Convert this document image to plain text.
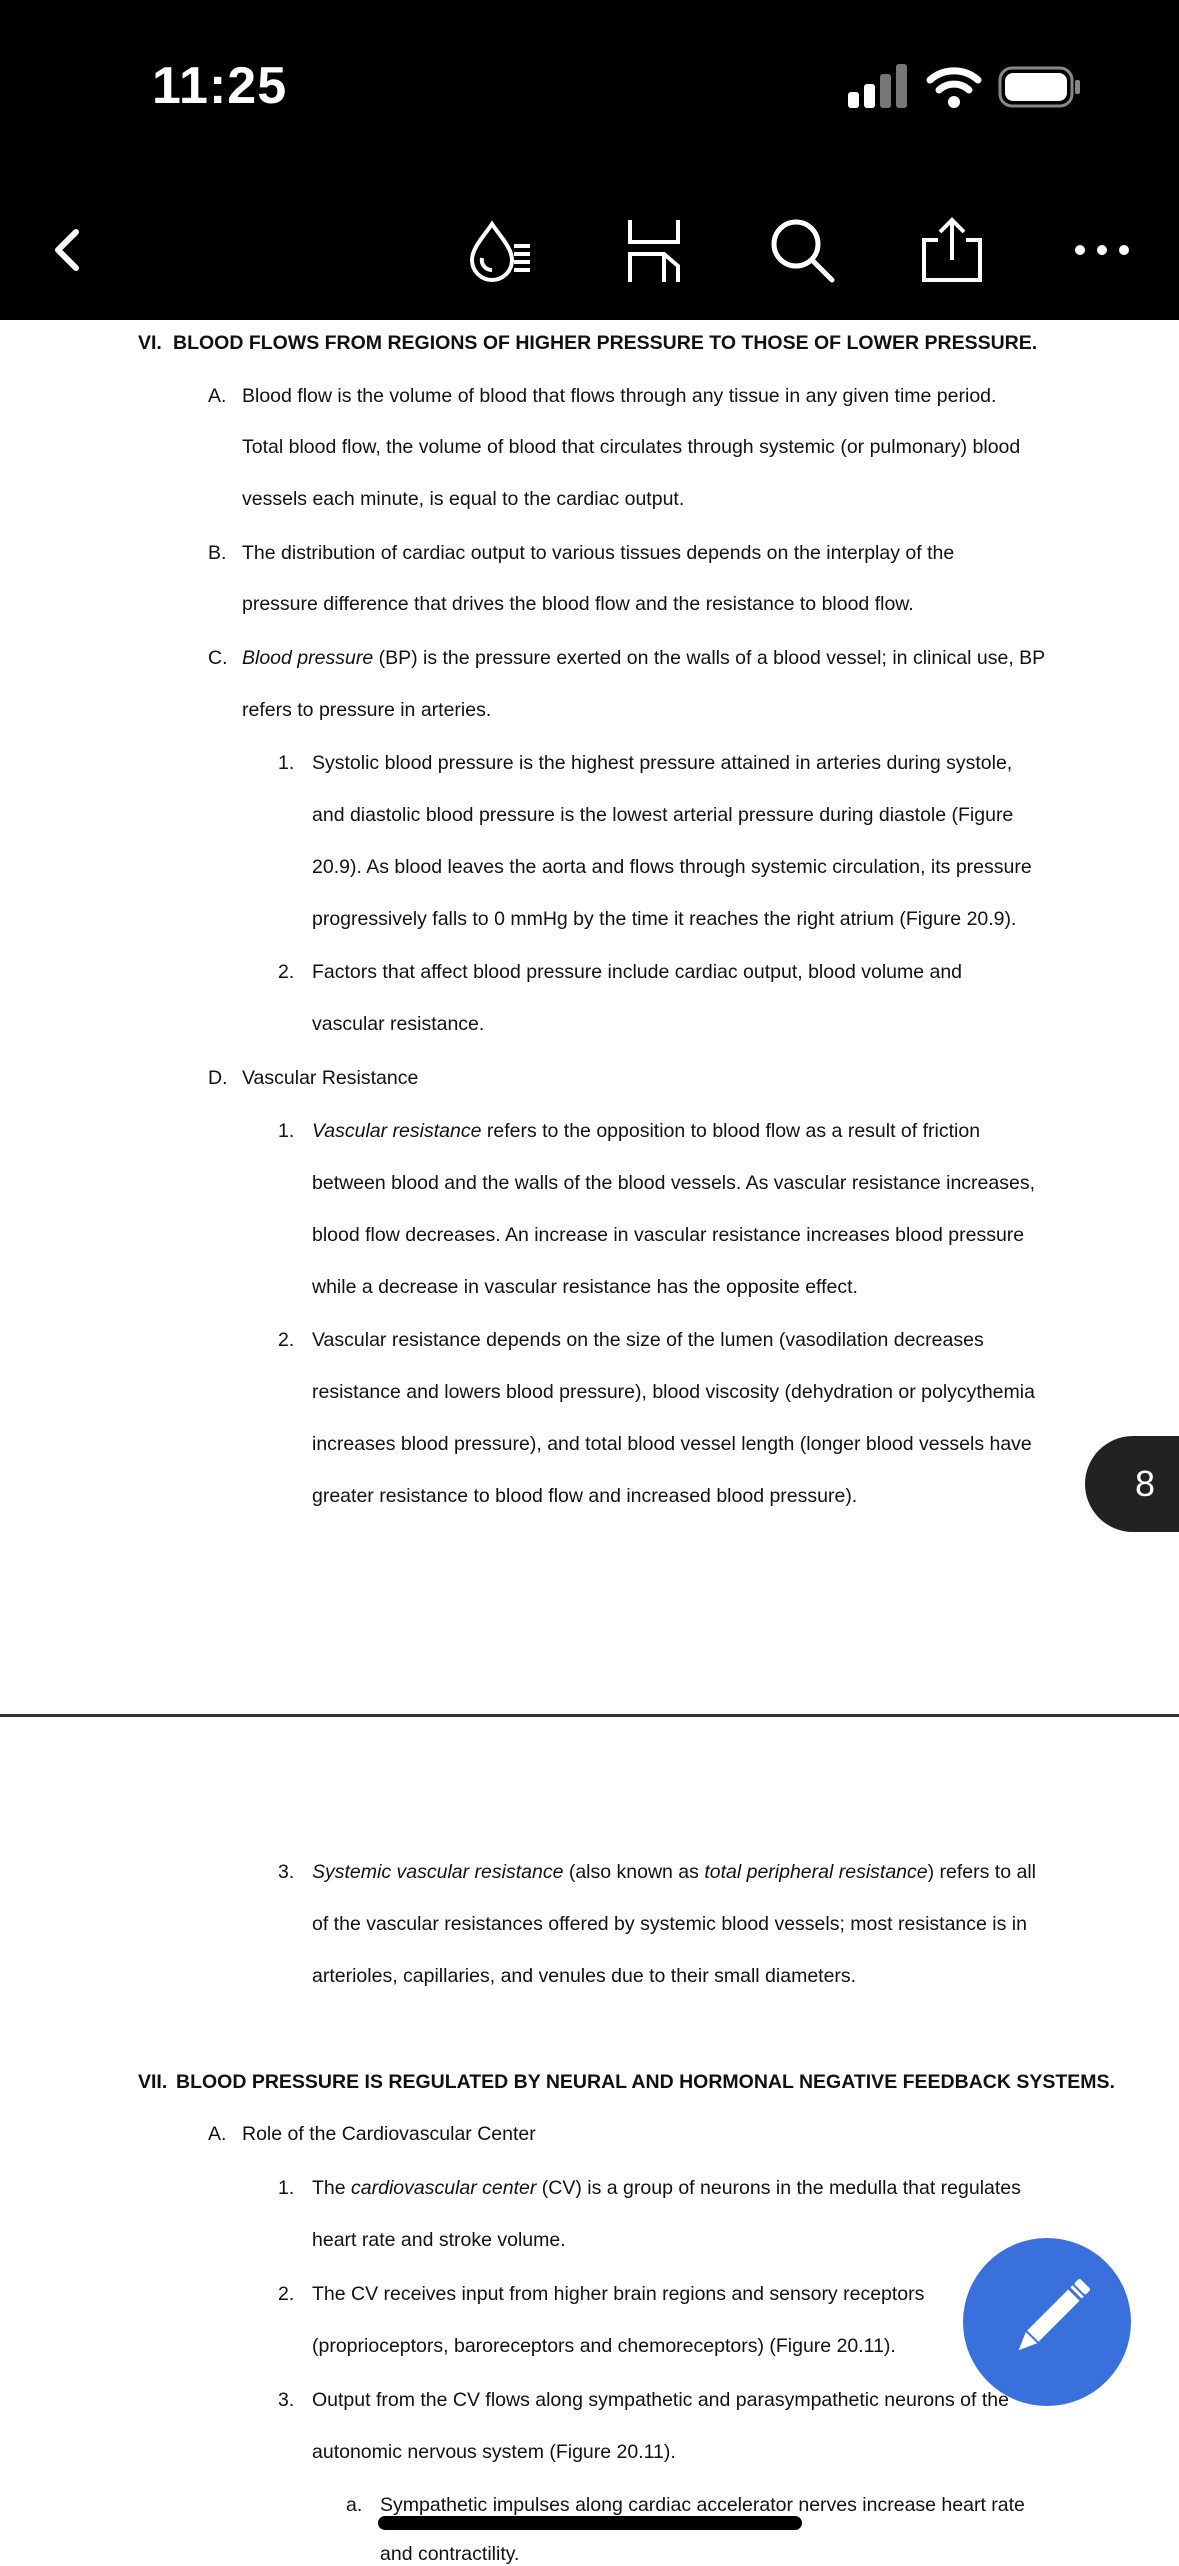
11:25
VI. BLOOD FLOWS FROM REGIONS OF HIGHER PRESSURE TO THOSE OF LOWER PRESSURE.
A. Blood flow is the volume of blood that flows through any tissue in any given time period.
Total blood flow, the volume of blood that circulates through systemic (or pulmonary) blood
vessels each minute, is equal to the cardiac output.
B. The distribution of cardiac output to various tissues depends on the interplay of the
pressure difference that drives the blood flow and the resistance to blood flow.
C. Blood pressure (BP) is the pressure exerted on the walls of a blood vessel; in clinical use, BP
refers to pressure in arteries.
1. Systolic blood pressure is the highest pressure attained in arteries during systole,
and diastolic blood pressure is the lowest arterial pressure during diastole (Figure
20.9). As blood leaves the aorta and flows through systemic circulation, its pressure
progressively falls to 0 mmHg by the time it reaches the right atrium (Figure 20.9).
2. Factors that affect blood pressure include cardiac output, blood volume and
vascular resistance.
D. Vascular Resistance
1. Vascular resistance refers to the opposition to blood flow as a result of friction
between blood and the walls of the blood vessels. As vascular resistance increases,
blood flow decreases. An increase in vascular resistance increases blood pressure
while a decrease in vascular resistance has the opposite effect.
2. Vascular resistance depends on the size of the lumen (vasodilation decreases
resistance and lowers blood pressure), blood viscosity (dehydration or polycythemia
increases blood pressure), and total blood vessel length (longer blood vessels have
greater resistance to blood flow and increased blood pressure).
3. Systemic vascular resistance (also known as total peripheral resistance) refers to all
of the vascular resistances offered by systemic blood vessels; most resistance is in
arterioles, capillaries, and venules due to their small diameters.
VII. BLOOD PRESSURE IS REGULATED BY NEURAL AND HORMONAL NEGATIVE FEEDBACK SYSTEMS.
A. Role of the Cardiovascular Center
1. The cardiovascular center (CV) is a group of neurons in the medulla that regulates
heart rate and stroke volume.
2. The CV receives input from higher brain regions and sensory receptors
(proprioceptors, baroreceptors and chemoreceptors) (Figure 20.11).
3. Output from the CV flows along sympathetic and parasympathetic neurons of the
autonomic nervous system (Figure 20.11).
a. Sympathetic impulses along cardiac accelerator nerves increase heart rate
and contractility.
8
